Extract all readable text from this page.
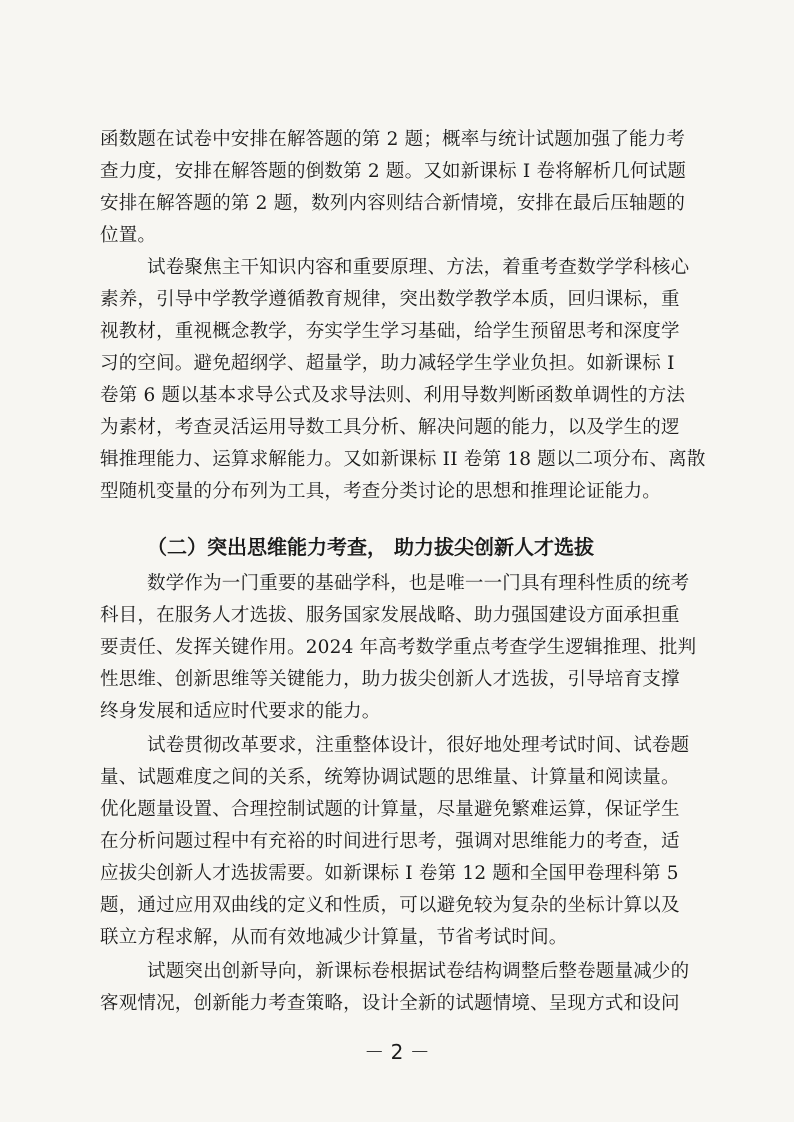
函数题在试卷中安排在解答题的第 2 题；概率与统计试题加强了能力考
查力度，安排在解答题的倒数第 2 题。又如新课标 I 卷将解析几何试题
安排在解答题的第 2 题，数列内容则结合新情境，安排在最后压轴题的
位置。
试卷聚焦主干知识内容和重要原理、方法，着重考查数学学科核心
素养，引导中学教学遵循教育规律，突出数学教学本质，回归课标，重
视教材，重视概念教学，夯实学生学习基础，给学生预留思考和深度学
习的空间。避免超纲学、超量学，助力减轻学生学业负担。如新课标 I
卷第 6 题以基本求导公式及求导法则、利用导数判断函数单调性的方法
为素材，考查灵活运用导数工具分析、解决问题的能力，以及学生的逻
辑推理能力、运算求解能力。又如新课标 II 卷第 18 题以二项分布、离散
型随机变量的分布列为工具，考查分类讨论的思想和推理论证能力。
（二）突出思维能力考查， 助力拔尖创新人才选拔
数学作为一门重要的基础学科，也是唯一一门具有理科性质的统考
科目，在服务人才选拔、服务国家发展战略、助力强国建设方面承担重
要责任、发挥关键作用。2024 年高考数学重点考查学生逻辑推理、批判
性思维、创新思维等关键能力，助力拔尖创新人才选拔，引导培育支撑
终身发展和适应时代要求的能力。
试卷贯彻改革要求，注重整体设计，很好地处理考试时间、试卷题
量、试题难度之间的关系，统筹协调试题的思维量、计算量和阅读量。
优化题量设置、合理控制试题的计算量，尽量避免繁难运算，保证学生
在分析问题过程中有充裕的时间进行思考，强调对思维能力的考查，适
应拔尖创新人才选拔需要。如新课标 I 卷第 12 题和全国甲卷理科第 5
题，通过应用双曲线的定义和性质，可以避免较为复杂的坐标计算以及
联立方程求解，从而有效地减少计算量，节省考试时间。
试题突出创新导向，新课标卷根据试卷结构调整后整卷题量减少的
客观情况，创新能力考查策略，设计全新的试题情境、呈现方式和设问
－ 2 －
